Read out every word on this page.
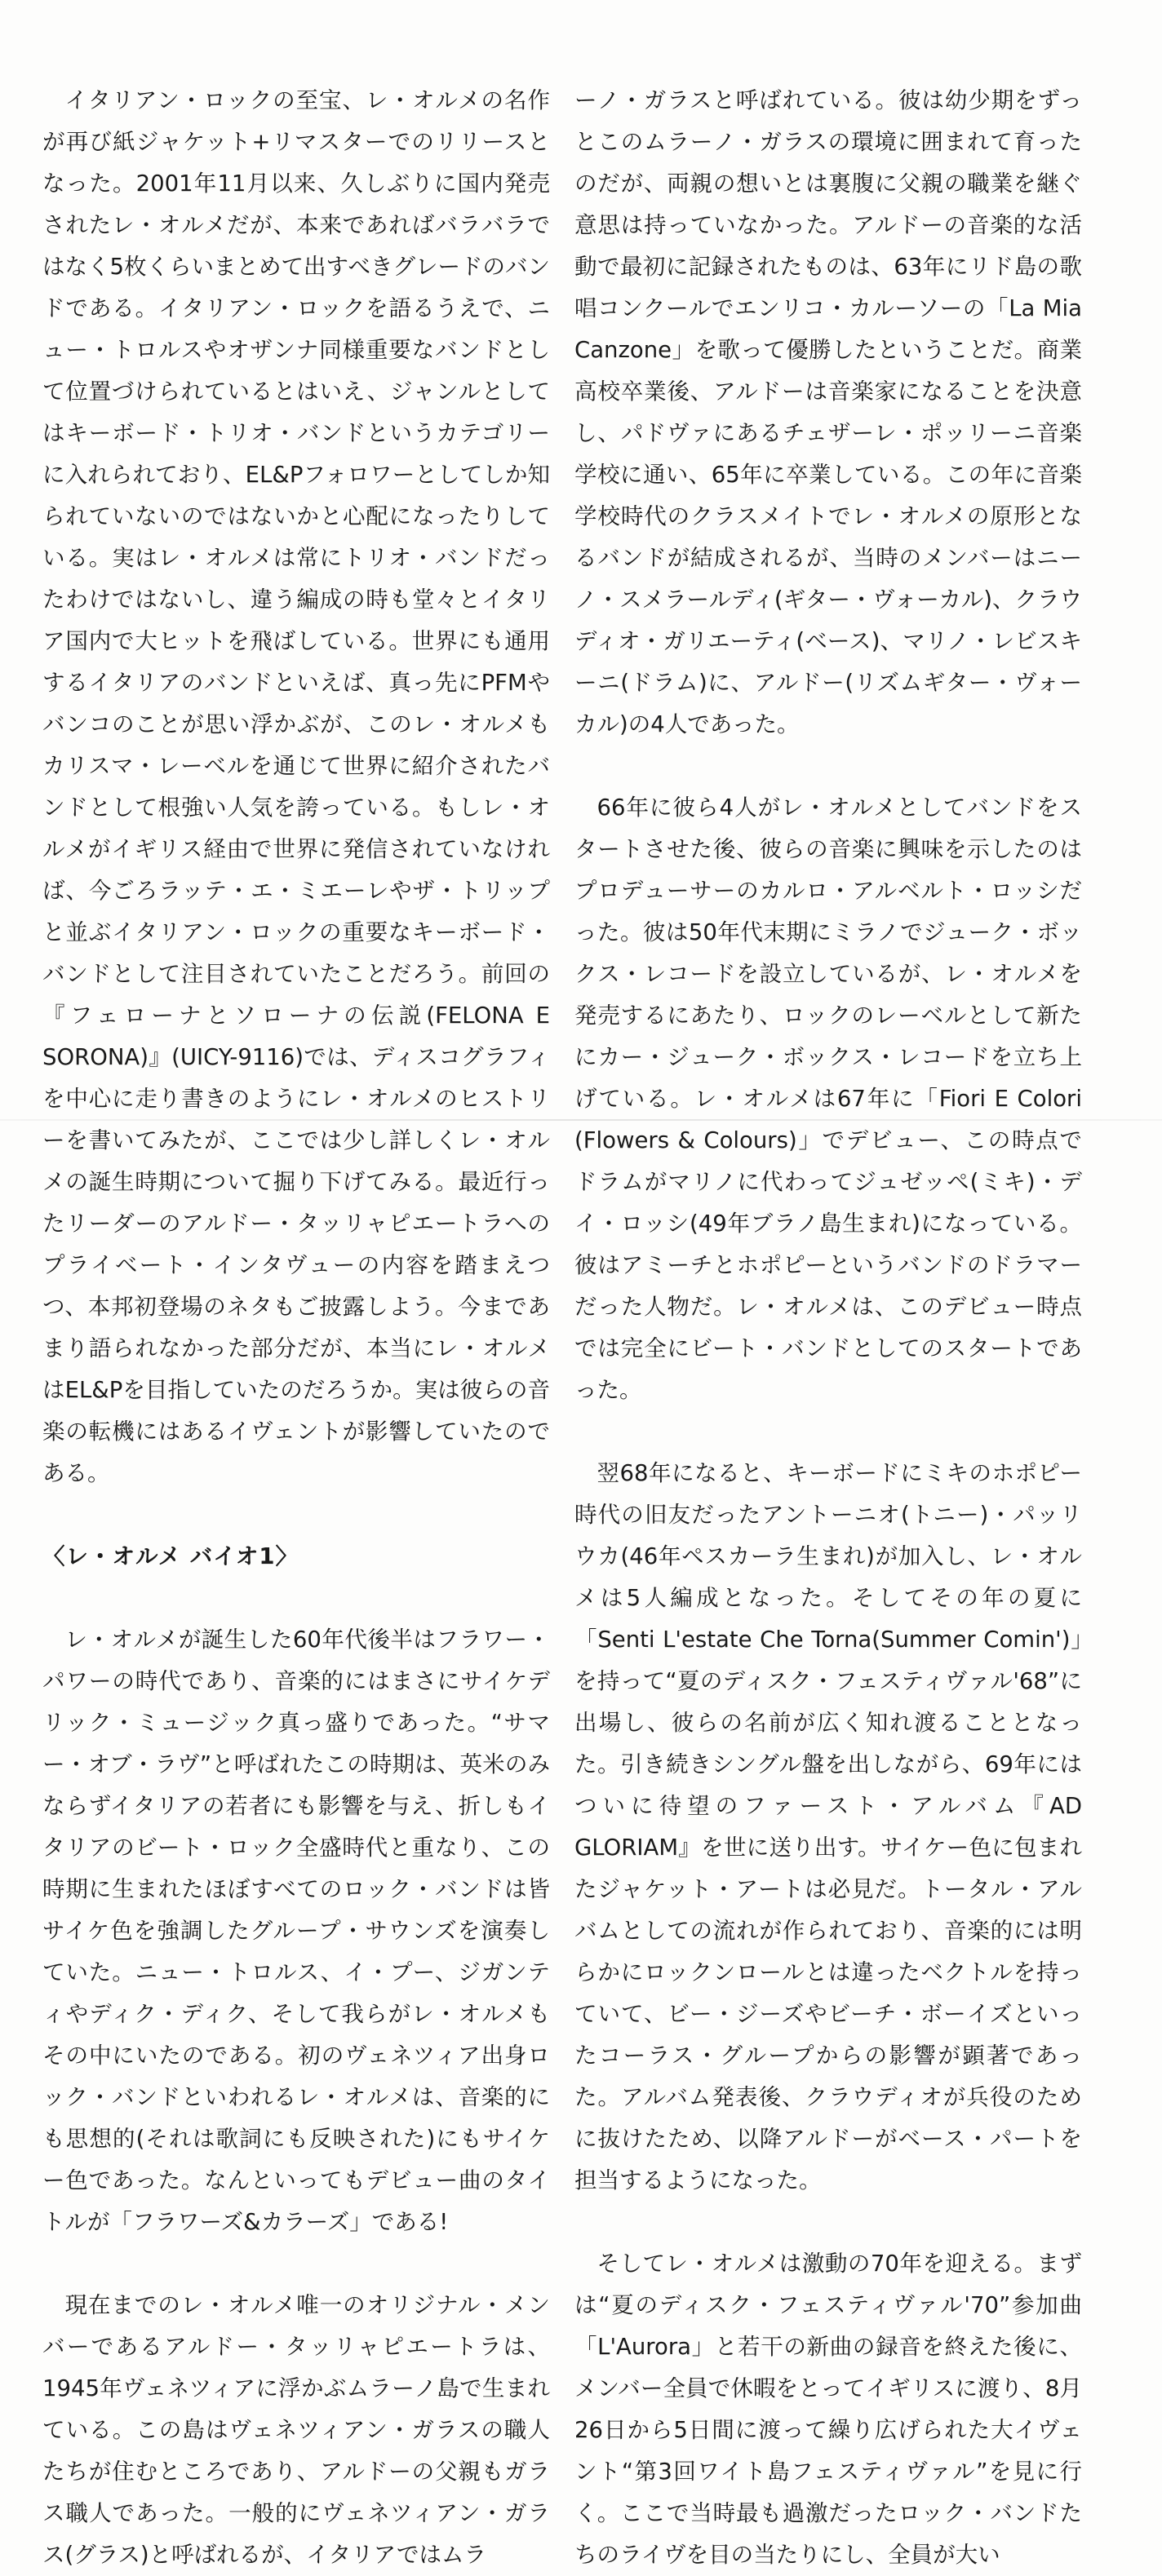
イタリアン・ロックの至宝、レ・オルメの名作が再び紙ジャケット+リマスターでのリリースとなった。2001年11月以来、久しぶりに国内発売されたレ・オルメだが、本来であればバラバラではなく5枚くらいまとめて出すべきグレードのバンドである。イタリアン・ロックを語るうえで、ニュー・トロルスやオザンナ同様重要なバンドとして位置づけられているとはいえ、ジャンルとしてはキーボード・トリオ・バンドというカテゴリーに入れられており、EL&Pフォロワーとしてしか知られていないのではないかと心配になったりしている。実はレ・オルメは常にトリオ・バンドだったわけではないし、違う編成の時も堂々とイタリア国内で大ヒットを飛ばしている。世界にも通用するイタリアのバンドといえば、真っ先にPFMやバンコのことが思い浮かぶが、このレ・オルメもカリスマ・レーベルを通じて世界に紹介されたバンドとして根強い人気を誇っている。もしレ・オルメがイギリス経由で世界に発信されていなければ、今ごろラッテ・エ・ミエーレやザ・トリップと並ぶイタリアン・ロックの重要なキーボード・バンドとして注目されていたことだろう。前回の『フェローナとソローナの伝説(FELONA E SORONA)』(UICY-9116)では、ディスコグラフィを中心に走り書きのようにレ・オルメのヒストリーを書いてみたが、ここでは少し詳しくレ・オルメの誕生時期について掘り下げてみる。最近行ったリーダーのアルドー・タッリャピエートラへのプライベート・インタヴューの内容を踏まえつつ、本邦初登場のネタもご披露しよう。今まであまり語られなかった部分だが、本当にレ・オルメはEL&Pを目指していたのだろうか。実は彼らの音楽の転機にはあるイヴェントが影響していたのである。

〈レ・オルメ バイオ1〉

レ・オルメが誕生した60年代後半はフラワー・パワーの時代であり、音楽的にはまさにサイケデリック・ミュージック真っ盛りであった。“サマー・オブ・ラヴ”と呼ばれたこの時期は、英米のみならずイタリアの若者にも影響を与え、折しもイタリアのビート・ロック全盛時代と重なり、この時期に生まれたほぼすべてのロック・バンドは皆サイケ色を強調したグループ・サウンズを演奏していた。ニュー・トロルス、イ・プー、ジガンティやディク・ディク、そして我らがレ・オルメもその中にいたのである。初のヴェネツィア出身ロック・バンドといわれるレ・オルメは、音楽的にも思想的(それは歌詞にも反映された)にもサイケー色であった。なんといってもデビュー曲のタイトルが「フラワーズ&カラーズ」である!

現在までのレ・オルメ唯一のオリジナル・メンバーであるアルドー・タッリャピエートラは、1945年ヴェネツィアに浮かぶムラーノ島で生まれている。この島はヴェネツィアン・ガラスの職人たちが住むところであり、アルドーの父親もガラス職人であった。一般的にヴェネツィアン・ガラス(グラス)と呼ばれるが、イタリアではムラ

ーノ・ガラスと呼ばれている。彼は幼少期をずっとこのムラーノ・ガラスの環境に囲まれて育ったのだが、両親の想いとは裏腹に父親の職業を継ぐ意思は持っていなかった。アルドーの音楽的な活動で最初に記録されたものは、63年にリド島の歌唱コンクールでエンリコ・カルーソーの「La Mia Canzone」を歌って優勝したということだ。商業高校卒業後、アルドーは音楽家になることを決意し、パドヴァにあるチェザーレ・ポッリーニ音楽学校に通い、65年に卒業している。この年に音楽学校時代のクラスメイトでレ・オルメの原形となるバンドが結成されるが、当時のメンバーはニーノ・スメラールディ(ギター・ヴォーカル)、クラウディオ・ガリエーティ(ベース)、マリノ・レビスキーニ(ドラム)に、アルドー(リズムギター・ヴォーカル)の4人であった。

66年に彼ら4人がレ・オルメとしてバンドをスタートさせた後、彼らの音楽に興味を示したのはプロデューサーのカルロ・アルベルト・ロッシだった。彼は50年代末期にミラノでジューク・ボックス・レコードを設立しているが、レ・オルメを発売するにあたり、ロックのレーベルとして新たにカー・ジューク・ボックス・レコードを立ち上げている。レ・オルメは67年に「Fiori E Colori (Flowers & Colours)」でデビュー、この時点でドラムがマリノに代わってジュゼッペ(ミキ)・デイ・ロッシ(49年ブラノ島生まれ)になっている。彼はアミーチとホポピーというバンドのドラマーだった人物だ。レ・オルメは、このデビュー時点では完全にビート・バンドとしてのスタートであった。

翌68年になると、キーボードにミキのホポピー時代の旧友だったアントーニオ(トニー)・パッリウカ(46年ペスカーラ生まれ)が加入し、レ・オルメは5人編成となった。そしてその年の夏に「Senti L'estate Che Torna(Summer Comin')」を持って“夏のディスク・フェスティヴァル'68”に出場し、彼らの名前が広く知れ渡ることとなった。引き続きシングル盤を出しながら、69年にはついに待望のファースト・アルバム『AD GLORIAM』を世に送り出す。サイケー色に包まれたジャケット・アートは必見だ。トータル・アルバムとしての流れが作られており、音楽的には明らかにロックンロールとは違ったベクトルを持っていて、ビー・ジーズやビーチ・ボーイズといったコーラス・グループからの影響が顕著であった。アルバム発表後、クラウディオが兵役のために抜けたため、以降アルドーがベース・パートを担当するようになった。

そしてレ・オルメは激動の70年を迎える。まずは“夏のディスク・フェスティヴァル'70”参加曲「L'Aurora」と若干の新曲の録音を終えた後に、メンバー全員で休暇をとってイギリスに渡り、8月26日から5日間に渡って繰り広げられた大イヴェント“第3回ワイト島フェスティヴァル”を見に行く。ここで当時最も過激だったロック・バンドたちのライヴを目の当たりにし、全員が大い
